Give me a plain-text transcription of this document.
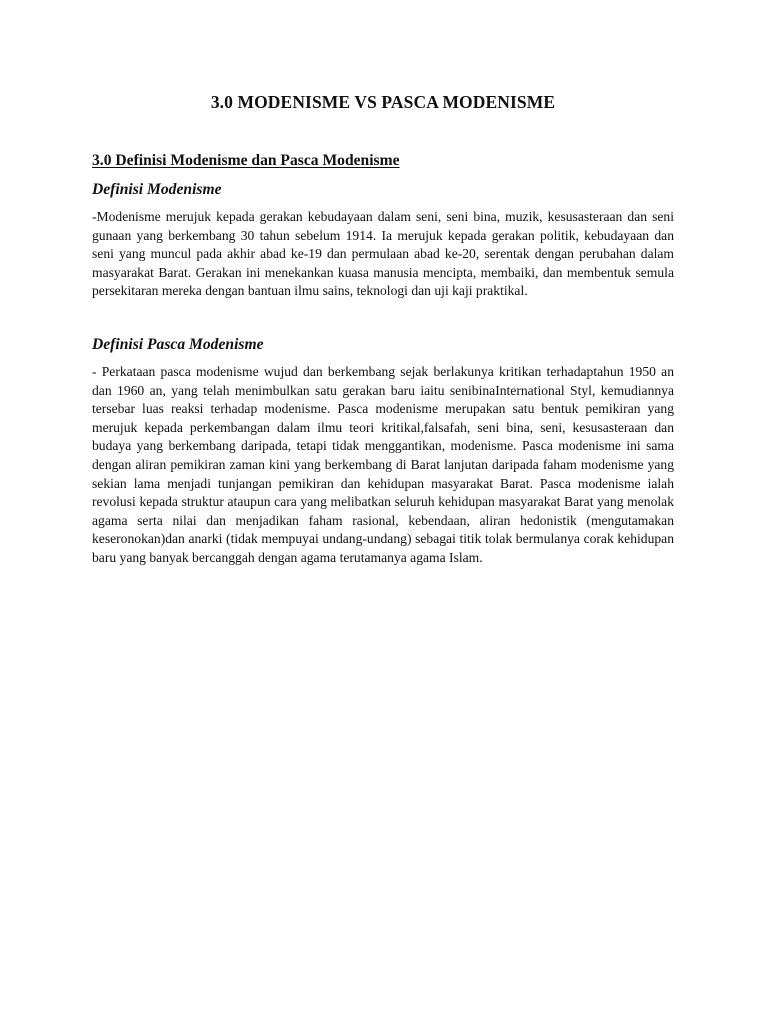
3.0 MODENISME VS PASCA MODENISME
3.0 Definisi Modenisme dan Pasca Modenisme
Definisi Modenisme

-Modenisme merujuk kepada gerakan kebudayaan dalam seni, seni bina, muzik, kesusasteraan dan seni gunaan yang berkembang 30 tahun sebelum 1914. Ia merujuk kepada gerakan politik, kebudayaan dan seni yang muncul pada akhir abad ke-19 dan permulaan abad ke-20, serentak dengan perubahan dalam masyarakat Barat. Gerakan ini menekankan kuasa manusia mencipta, membaiki, dan membentuk semula persekitaran mereka dengan bantuan ilmu sains, teknologi dan uji kaji praktikal.

Definisi Pasca Modenisme

- Perkataan pasca modenisme wujud dan berkembang sejak berlakunya kritikan terhadaptahun 1950 an dan 1960 an, yang telah menimbulkan satu gerakan baru iaitu senibinaInternational Styl, kemudiannya tersebar luas reaksi terhadap modenisme. Pasca modenisme merupakan satu bentuk pemikiran yang merujuk kepada perkembangan dalam ilmu teori kritikal,falsafah, seni bina, seni, kesusasteraan dan budaya yang berkembang daripada, tetapi tidak menggantikan, modenisme. Pasca modenisme ini sama dengan aliran pemikiran zaman kini yang berkembang di Barat lanjutan daripada faham modenisme yang sekian lama menjadi tunjangan pemikiran dan kehidupan masyarakat Barat. Pasca modenisme ialah revolusi kepada struktur ataupun cara yang melibatkan seluruh kehidupan masyarakat Barat yang menolak agama serta nilai dan menjadikan faham rasional, kebendaan, aliran hedonistik (mengutamakan keseronokan)dan anarki (tidak mempuyai undang-undang) sebagai titik tolak bermulanya corak kehidupan baru yang banyak bercanggah dengan agama terutamanya agama Islam.
